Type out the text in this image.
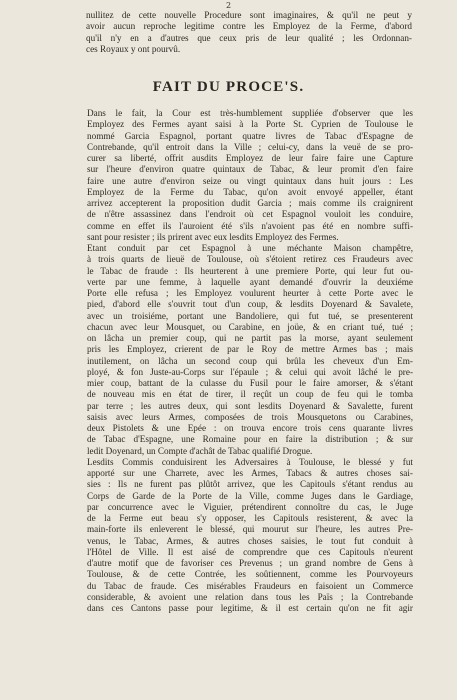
2
nullitez de cette nouvelle Procedure sont imaginaires, & qu'il ne peut y
avoir aucun reproche legitime contre les Employez de la Ferme, d'abord
qu'il n'y en a d'autres que ceux pris de leur qualité ; les Ordonnan-
ces Royaux y ont pourvû.
FAIT DU PROCE'S.
Dans le fait, la Cour est très-humblement suppliée d'observer que les
Employez des Fermes ayant saisi à la Porte St. Cyprien de Toulouse le
nommé Garcia Espagnol, portant quatre livres de Tabac d'Espagne de
Contrebande, qu'il entroit dans la Ville ; celui-cy, dans la veuë de se pro-
curer sa liberté, offrit ausdits Employez de leur faire faire une Capture
sur l'heure d'environ quatre quintaux de Tabac, & leur promit d'en faire
faire une autre d'environ seize ou vingt quintaux dans huit jours : Les
Employez de la Ferme du Tabac, qu'on avoit envoyé appeller, étant
arrivez accepterent la proposition dudit Garcia ; mais comme ils craignirent
de n'être assassinez dans l'endroit où cet Espagnol vouloit les conduire,
comme en effet ils l'auroient été s'ils n'avoient pas été en nombre suffi-
sant pour resister ; ils prirent avec eux lesdits Employez des Fermes.
Etant conduit par cet Espagnol à une méchante Maison champêtre,
à trois quarts de lieuë de Toulouse, où s'étoient retirez ces Fraudeurs avec
le Tabac de fraude : Ils heurterent à une premiere Porte, qui leur fut ou-
verte par une femme, à laquelle ayant demandé d'ouvrir la deuxiéme
Porte elle refusa ; les Employez voulurent heurter à cette Porte avec le
pied, d'abord elle s'ouvrit tout d'un coup, & lesdits Doyenard & Savalete,
avec un troisiéme, portant une Bandoliere, qui fut tué, se presenterent
chacun avec leur Mousquet, ou Carabine, en joüe, & en criant tué, tué ;
on lâcha un premier coup, qui ne partit pas la morse, ayant seulement
pris les Employez, crierent de par le Roy de mettre Armes bas ; mais
inutilement, on lâcha un second coup qui brûla les cheveux d'un Em-
ployé, & fon Juste-au-Corps sur l'épaule ; & celui qui avoit lâché le pre-
mier coup, battant de la culasse du Fusil pour le faire amorser, & s'étant
de nouveau mis en état de tirer, il reçût un coup de feu qui le tomba
par terre ; les autres deux, qui sont lesdits Doyenard & Savalette, furent
saisis avec leurs Armes, composées de trois Mousquetons ou Carabines,
deux Pistolets & une Epée : on trouva encore trois cens quarante livres
de Tabac d'Espagne, une Romaine pour en faire la distribution ; & sur
ledit Doyenard, un Compte d'achât de Tabac qualifié Drogue.
Lesdits Commis conduisirent les Adversaires à Toulouse, le blessé y fut
apporté sur une Charrete, avec les Armes, Tabacs & autres choses sai-
sies : Ils ne furent pas plûtôt arrivez, que les Capitouls s'étant rendus au
Corps de Garde de la Porte de la Ville, comme Juges dans le Gardiage,
par concurrence avec le Viguier, prétendirent connoître du cas, le Juge
de la Ferme eut beau s'y opposer, les Capitouls resisterent, & avec la
main-forte ils enleverent le blessé, qui mourut sur l'heure, les autres Pre-
venus, le Tabac, Armes, & autres choses saisies, le tout fut conduit à
l'Hôtel de Ville. Il est aisé de comprendre que ces Capitouls n'eurent
d'autre motif que de favoriser ces Prevenus ; un grand nombre de Gens à
Toulouse, & de cette Contrée, les soûtiennent, comme les Pourvoyeurs
du Tabac de fraude. Ces misérables Fraudeurs en faisoient un Commerce
considerable, & avoient une relation dans tous les Païs ; la Contrebande
dans ces Cantons passe pour legitime, & il est certain qu'on ne fit agir
